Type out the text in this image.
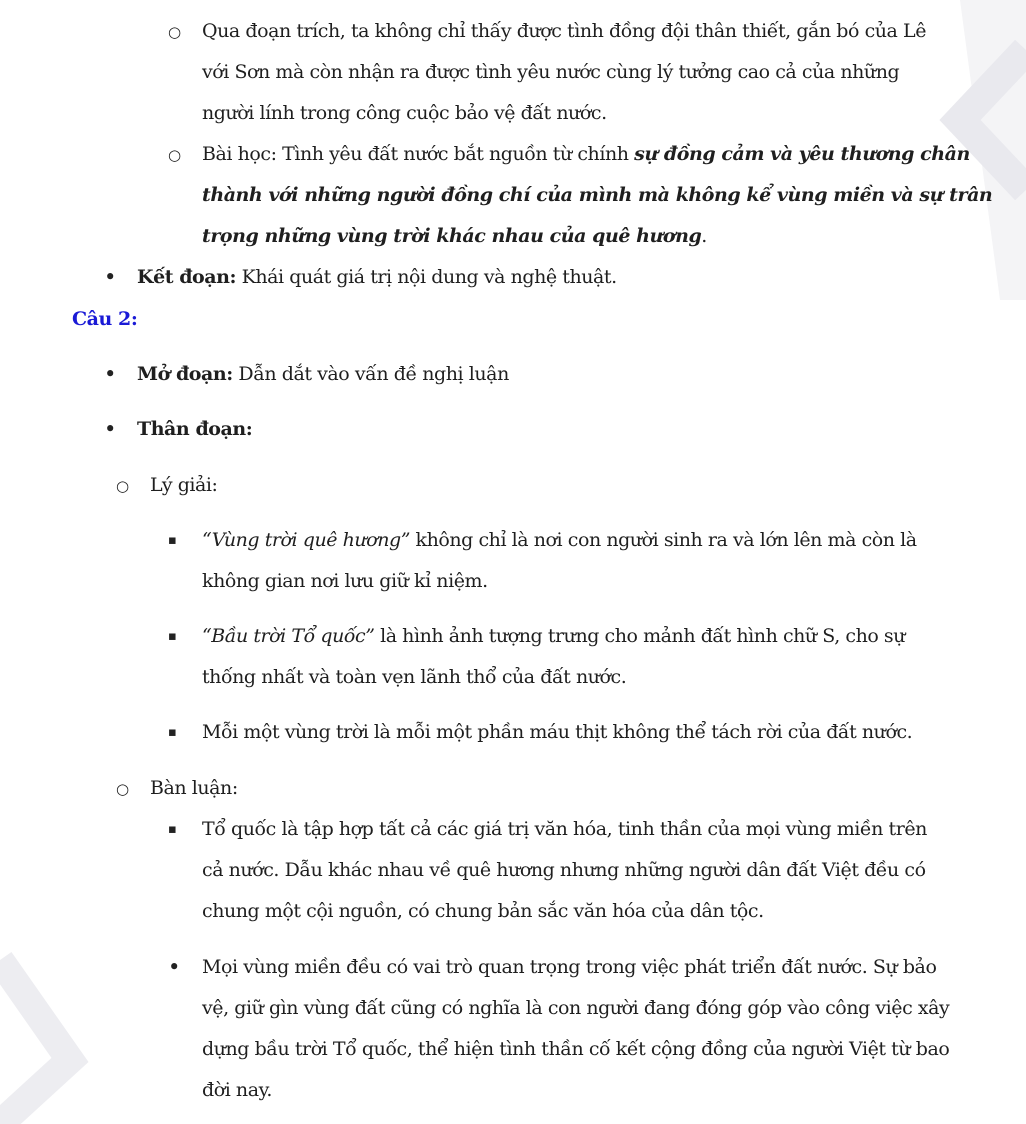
○ Qua đoạn trích, ta không chỉ thấy được tình đồng đội thân thiết, gắn bó của Lê

với Sơn mà còn nhận ra được tình yêu nước cùng lý tưởng cao cả của những

người lính trong công cuộc bảo vệ đất nước.

○ Bài học: Tình yêu đất nước bắt nguồn từ chính sự đồng cảm và yêu thương chân

thành với những người đồng chí của mình mà không kể vùng miền và sự trân

trọng những vùng trời khác nhau của quê hương.

• Kết đoạn: Khái quát giá trị nội dung và nghệ thuật.

Câu 2:

• Mở đoạn: Dẫn dắt vào vấn đề nghị luận

• Thân đoạn:

○ Lý giải:

▪ “Vùng trời quê hương” không chỉ là nơi con người sinh ra và lớn lên mà còn là

không gian nơi lưu giữ kỉ niệm.

▪ “Bầu trời Tổ quốc” là hình ảnh tượng trưng cho mảnh đất hình chữ S, cho sự

thống nhất và toàn vẹn lãnh thổ của đất nước.

▪ Mỗi một vùng trời là mỗi một phần máu thịt không thể tách rời của đất nước.

○ Bàn luận:

▪ Tổ quốc là tập hợp tất cả các giá trị văn hóa, tinh thần của mọi vùng miền trên

cả nước. Dẫu khác nhau về quê hương nhưng những người dân đất Việt đều có

chung một cội nguồn, có chung bản sắc văn hóa của dân tộc.

• Mọi vùng miền đều có vai trò quan trọng trong việc phát triển đất nước. Sự bảo

vệ, giữ gìn vùng đất cũng có nghĩa là con người đang đóng góp vào công việc xây

dựng bầu trời Tổ quốc, thể hiện tình thần cố kết cộng đồng của người Việt từ bao

đời nay.
